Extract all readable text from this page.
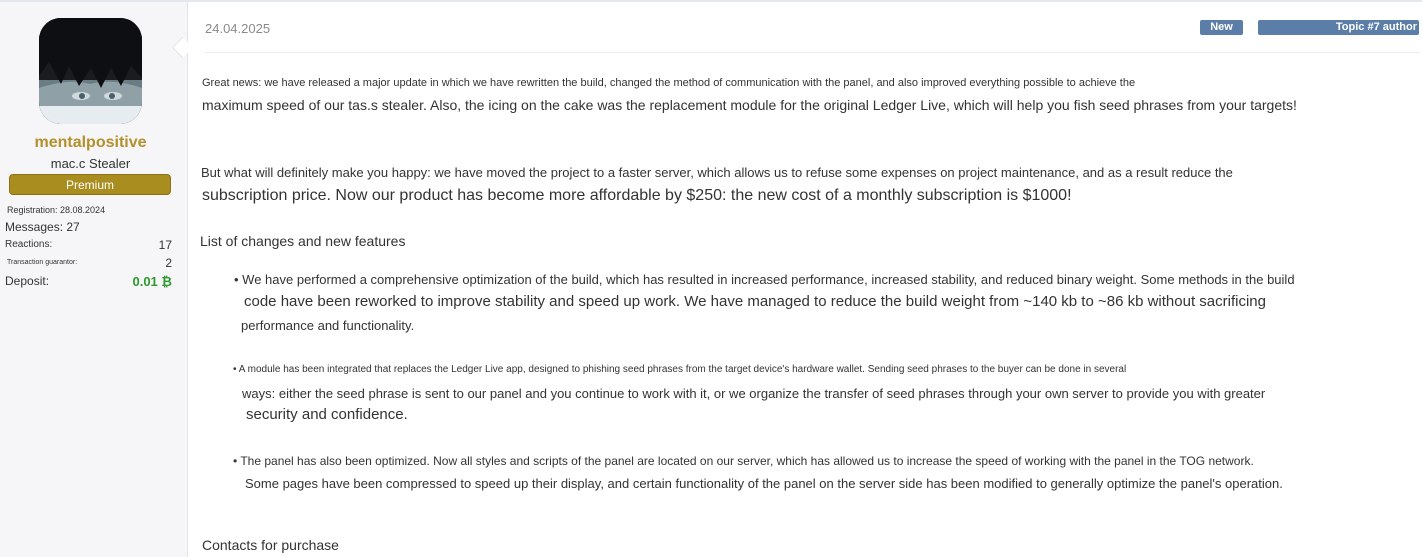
mentalpositive
mac.c Stealer
Premium
Registration: 28.08.2024
Messages: 27
Reactions:	17
Transaction guarantor:	2
Deposit:	0.01 ₿
24.04.2025	New	Topic #7 author
Great news: we have released a major update in which we have rewritten the build, changed the method of communication with the panel, and also improved everything possible to achieve the
maximum speed of our tas.s stealer. Also, the icing on the cake was the replacement module for the original Ledger Live, which will help you fish seed phrases from your targets!
But what will definitely make you happy: we have moved the project to a faster server, which allows us to refuse some expenses on project maintenance, and as a result reduce the
subscription price. Now our product has become more affordable by $250: the new cost of a monthly subscription is $1000!
List of changes and new features
• We have performed a comprehensive optimization of the build, which has resulted in increased performance, increased stability, and reduced binary weight. Some methods in the build
code have been reworked to improve stability and speed up work. We have managed to reduce the build weight from ~140 kb to ~86 kb without sacrificing
performance and functionality.
• A module has been integrated that replaces the Ledger Live app, designed to phishing seed phrases from the target device's hardware wallet. Sending seed phrases to the buyer can be done in several
ways: either the seed phrase is sent to our panel and you continue to work with it, or we organize the transfer of seed phrases through your own server to provide you with greater
security and confidence.
• The panel has also been optimized. Now all styles and scripts of the panel are located on our server, which has allowed us to increase the speed of working with the panel in the TOG network.
Some pages have been compressed to speed up their display, and certain functionality of the panel on the server side has been modified to generally optimize the panel's operation.
Contacts for purchase
